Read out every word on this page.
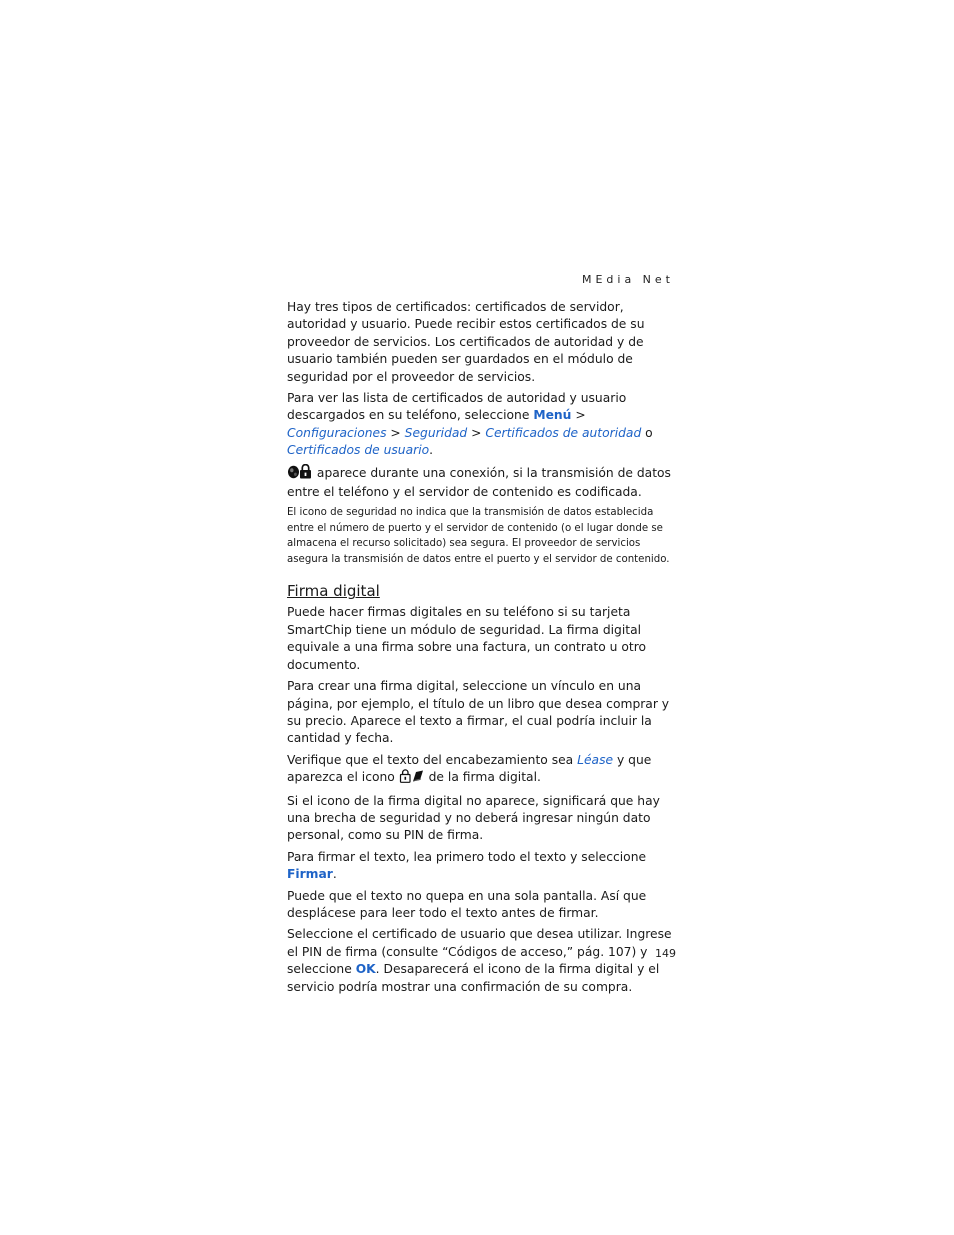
MEdia Net

Hay tres tipos de certificados: certificados de servidor, autoridad y usuario. Puede recibir estos certificados de su proveedor de servicios. Los certificados de autoridad y de usuario también pueden ser guardados en el módulo de seguridad por el proveedor de servicios.

Para ver las lista de certificados de autoridad y usuario descargados en su teléfono, seleccione Menú > Configuraciones > Seguridad > Certificados de autoridad o Certificados de usuario.

aparece durante una conexión, si la transmisión de datos entre el teléfono y el servidor de contenido es codificada.

El icono de seguridad no indica que la transmisión de datos establecida entre el número de puerto y el servidor de contenido (o el lugar donde se almacena el recurso solicitado) sea segura. El proveedor de servicios asegura la transmisión de datos entre el puerto y el servidor de contenido.

Firma digital

Puede hacer firmas digitales en su teléfono si su tarjeta SmartChip tiene un módulo de seguridad. La firma digital equivale a una firma sobre una factura, un contrato u otro documento.

Para crear una firma digital, seleccione un vínculo en una página, por ejemplo, el título de un libro que desea comprar y su precio. Aparece el texto a firmar, el cual podría incluir la cantidad y fecha.

Verifique que el texto del encabezamiento sea Léase y que aparezca el icono  de la firma digital.

Si el icono de la firma digital no aparece, significará que hay una brecha de seguridad y no deberá ingresar ningún dato personal, como su PIN de firma.

Para firmar el texto, lea primero todo el texto y seleccione Firmar.

Puede que el texto no quepa en una sola pantalla. Así que desplácese para leer todo el texto antes de firmar.

Seleccione el certificado de usuario que desea utilizar. Ingrese el PIN de firma (consulte “Códigos de acceso,” pág. 107) y seleccione OK. Desaparecerá el icono de la firma digital y el servicio podría mostrar una confirmación de su compra.

149
